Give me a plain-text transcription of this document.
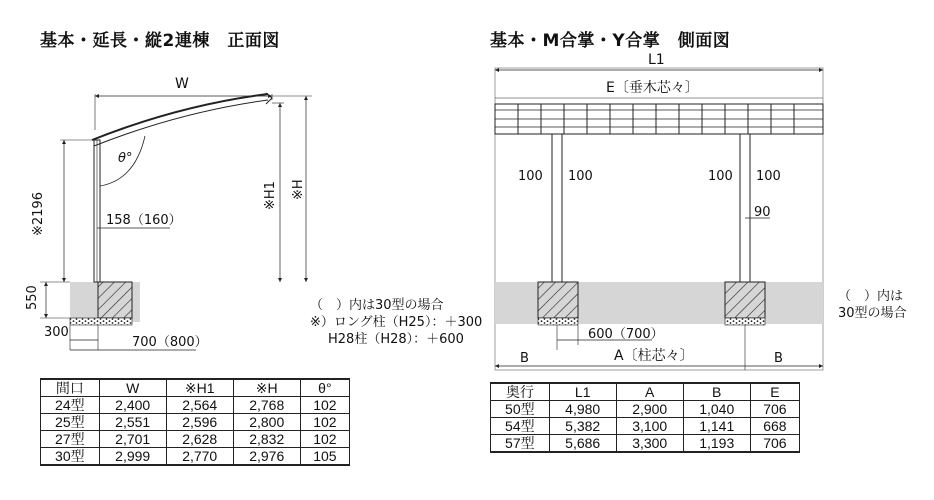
基本・延長・縦2連棟　正面図	基本・M合掌・Y合掌　側面図
W
※2196	※H1 ※H
θ°
158（160）
550
300
700（800）
（　）内は30型の場合
※）ロング柱（H25）：＋300
H28柱（H28）：＋600
L1
E〔垂木芯々〕
100 100	100 100
90
600（700）
B	A〔柱芯々〕	B
（　）内は
30型の場合
間口	W	※H1	※H	θ°
24型	2,400	2,564	2,768	102
25型	2,551	2,596	2,800	102
27型	2,701	2,628	2,832	102
30型	2,999	2,770	2,976	105
奥行	L1	A	B	E
50型	4,980	2,900	1,040	706
54型	5,382	3,100	1,141	668
57型	5,686	3,300	1,193	706
